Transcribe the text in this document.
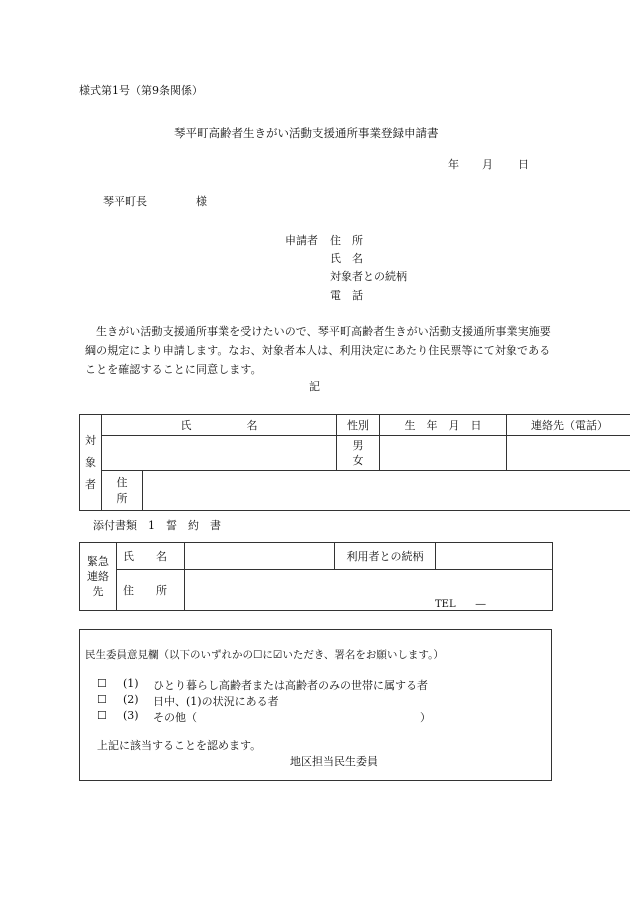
様式第1号（第9条関係）
琴平町高齢者生きがい活動支援通所事業登録申請書
年 月 日
琴平町長	様
申請者 住　所
氏　名
対象者との続柄
電　話
生きがい活動支援通所事業を受けたいので、琴平町高齢者生きがい活動支援通所事業実施要綱の規定により申請します。なお、対象者本人は、利用決定にあたり住民票等にて対象であることを確認することに同意します。
記
対
象
者	氏　　　　　名		性別	生　年　月　日	連絡先（電話）

			男
女		

	住
所				

添付書類　1　誓　約　書
緊急
連絡
先	氏　　名		利用者との続柄	
	住　　所	TEL　　―		
民生委員意見欄（以下のいずれかの☐に☑いただき、署名をお願いします。）
☐ (1) ひとり暮らし高齢者または高齢者のみの世帯に属する者
☐ (2) 日中、(1)の状況にある者
☐ (3) その他（	）
上記に該当することを認めます。
地区担当民生委員
